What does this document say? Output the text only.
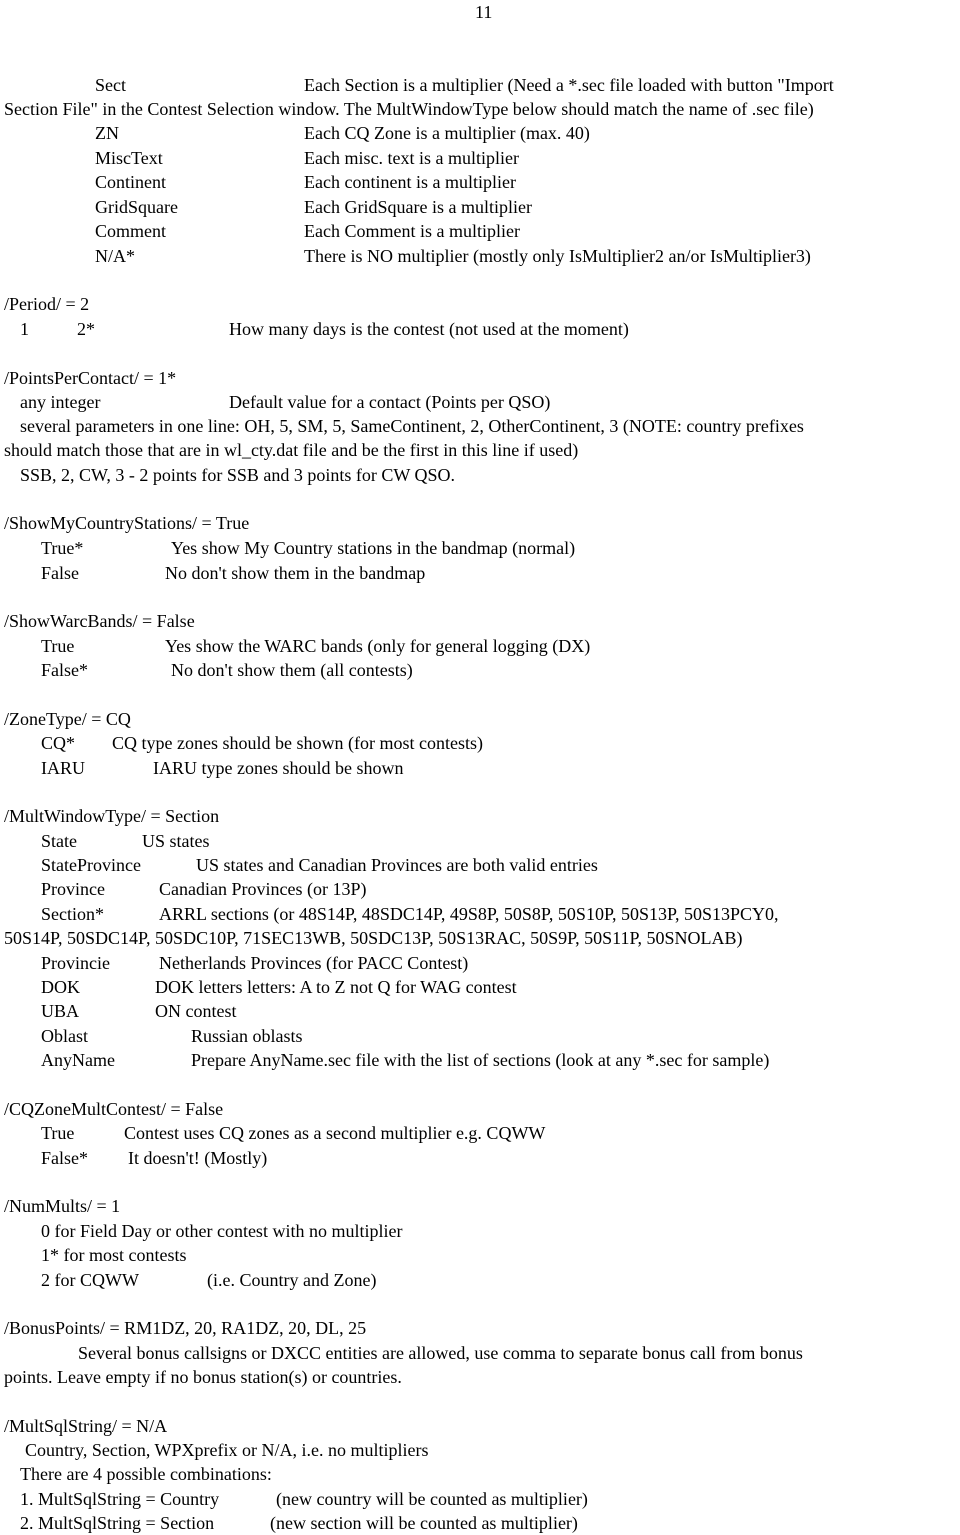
11
Sect	Each Section is a multiplier (Need a *.sec file loaded with button "Import
Section File" in the Contest Selection window. The MultWindowType below should match the name of .sec file)
ZN	Each CQ Zone is a multiplier (max. 40)
MiscText	Each misc. text is a multiplier
Continent	Each continent is a multiplier
GridSquare	Each GridSquare is a multiplier
Comment	Each Comment is a multiplier
N/A*	There is NO multiplier (mostly only IsMultiplier2 an/or IsMultiplier3)
/Period/ = 2
1	2*	How many days is the contest (not used at the moment)
/PointsPerContact/ = 1*
any integer	Default value for a contact (Points per QSO)
several parameters in one line: OH, 5, SM, 5, SameContinent, 2, OtherContinent, 3 (NOTE: country prefixes
should match those that are in wl_cty.dat file and be the first in this line if used)
SSB, 2, CW, 3 - 2 points for SSB and 3 points for CW QSO.
/ShowMyCountryStations/ = True
True*	Yes show My Country stations in the bandmap (normal)
False	No don't show them in the bandmap
/ShowWarcBands/ = False
True	Yes show the WARC bands (only for general logging (DX)
False*	No don't show them (all contests)
/ZoneType/ = CQ
CQ* CQ type zones should be shown (for most contests)
IARU	IARU type zones should be shown
/MultWindowType/ = Section
State	US states
StateProvince	US states and Canadian Provinces are both valid entries
Province	Canadian Provinces (or 13P)
Section*	ARRL sections (or 48S14P, 48SDC14P, 49S8P, 50S8P, 50S10P, 50S13P, 50S13PCY0,
50S14P, 50SDC14P, 50SDC10P, 71SEC13WB, 50SDC13P, 50S13RAC, 50S9P, 50S11P, 50SNOLAB)
Provincie	Netherlands Provinces (for PACC Contest)
DOK	DOK letters letters: A to Z not Q for WAG contest
UBA	ON contest
Oblast	Russian oblasts
AnyName	Prepare AnyName.sec file with the list of sections (look at any *.sec for sample)
/CQZoneMultContest/ = False
True	Contest uses CQ zones as a second multiplier e.g. CQWW
False* It doesn't! (Mostly)
/NumMults/ = 1
0 for Field Day or other contest with no multiplier
1* for most contests
2 for CQWW	(i.e. Country and Zone)
/BonusPoints/ = RM1DZ, 20, RA1DZ, 20, DL, 25
Several bonus callsigns or DXCC entities are allowed, use comma to separate bonus call from bonus
points. Leave empty if no bonus station(s) or countries.
/MultSqlString/ = N/A
Country, Section, WPXprefix or N/A, i.e. no multipliers
There are 4 possible combinations:
1. MultSqlString = Country	(new country will be counted as multiplier)
2. MultSqlString = Section	(new section will be counted as multiplier)
